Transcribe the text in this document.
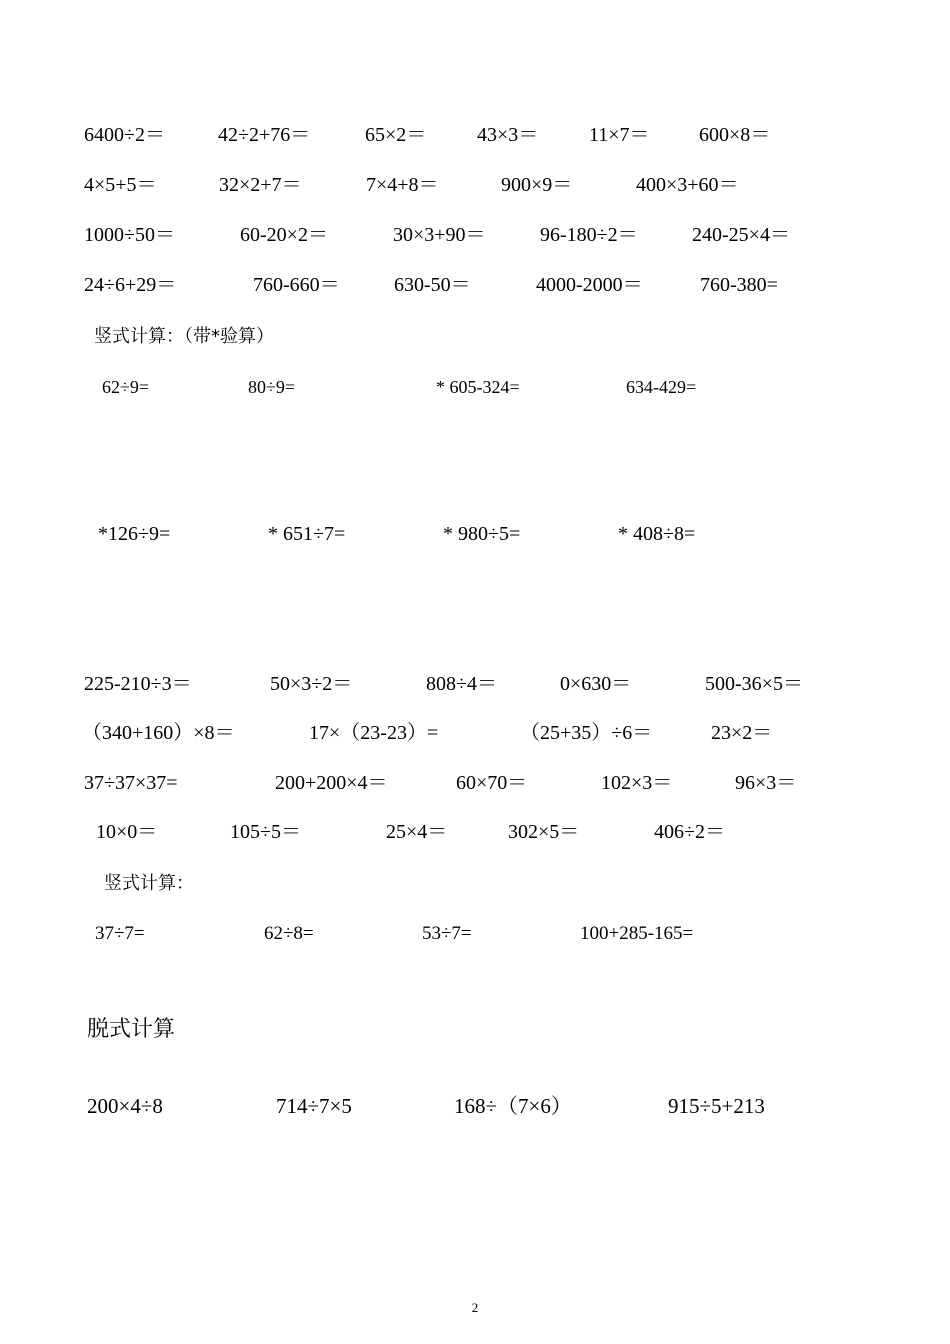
6400÷2＝	42÷2+76＝	65×2＝	43×3＝	11×7＝ 600×8＝
4×5+5＝	32×2+7＝	7×4+8＝	900×9＝	400×3+60＝
1000÷50＝	60-20×2＝	30×3+90＝	96-180÷2＝	240-25×4＝
24÷6+29＝	760-660＝	630-50＝	4000-2000＝	760-380=
竖式计算：（带*验算）
62÷9=	80÷9=	* 605-324=	634-429=
*126÷9=	* 651÷7=	* 980÷5=	* 408÷8=
225-210÷3＝	50×3÷2＝	808÷4＝	0×630＝	500-36×5＝
（340+160）×8＝	17×（23-23）=	（25+35）÷6＝	23×2＝
37÷37×37=	200+200×4＝	60×70＝	102×3＝	96×3＝
10×0＝	105÷5＝	25×4＝	302×5＝	406÷2＝
竖式计算：
37÷7=	62÷8=	53÷7=	100+285-165=
脱式计算
200×4÷8	714÷7×5	168÷（7×6）	915÷5+213
2
